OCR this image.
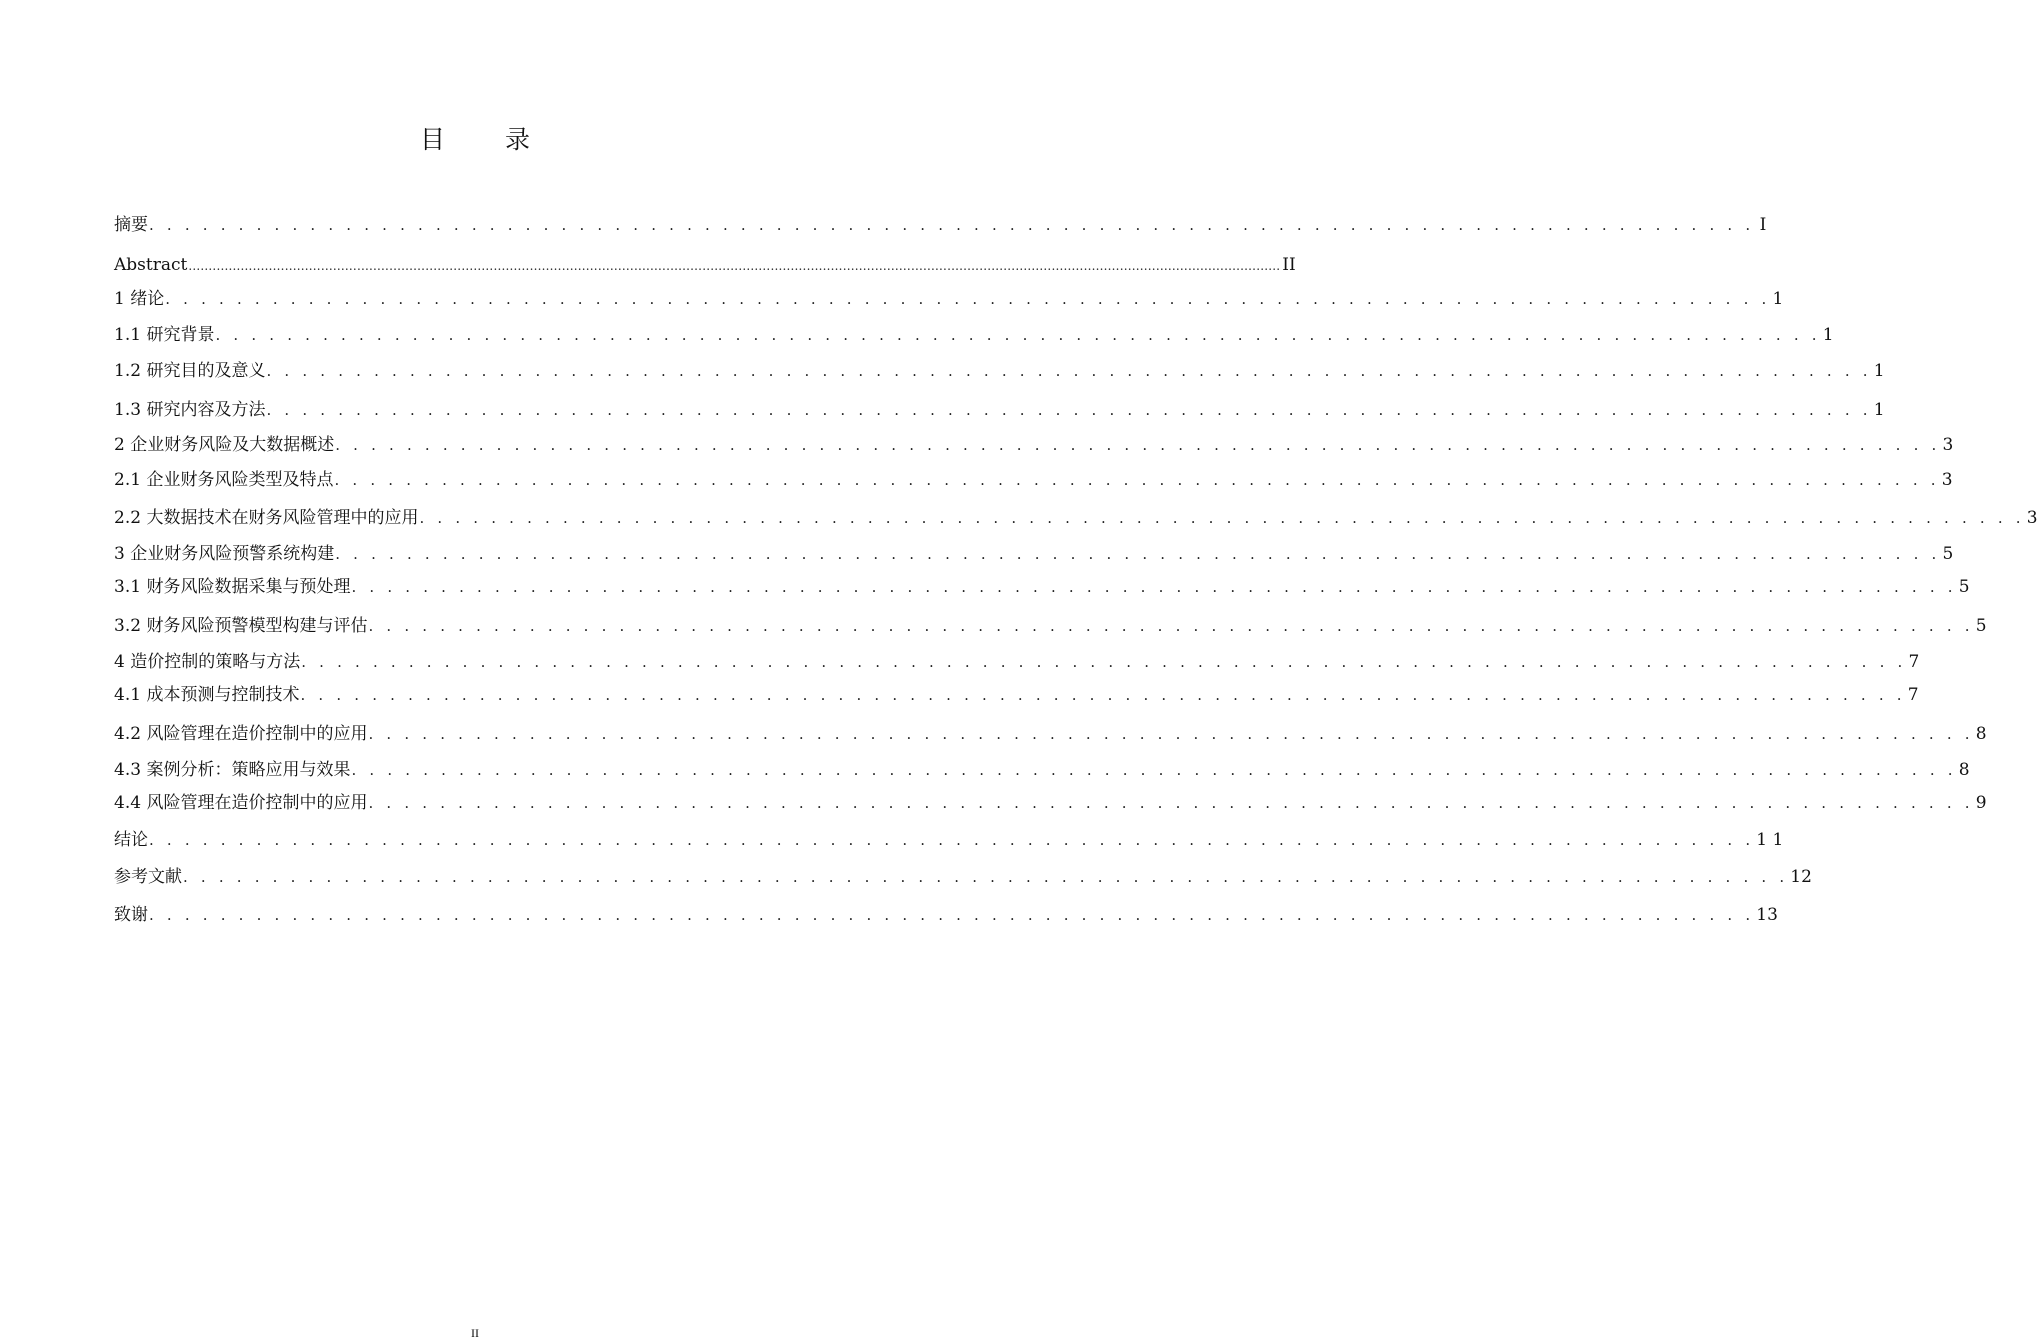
目 录
摘要 . . . . . . . . . . . . . . . . . . . . . . . . . . . . . . . . . . . . . . . . . . . . . . . . . . . . . . . . . . . . . . . . . . . . . . . . . . . . . . . . . . . . . . . . . . I
Abstract ................................................................................................................................................................................................................................................................................ II
1 绪论 . . . . . . . . . . . . . . . . . . . . . . . . . . . . . . . . . . . . . . . . . . . . . . . . . . . . . . . . . . . . . . . . . . . . . . . . . . . . . . . . . . . . . . . . . . 1
1.1 研究背景 . . . . . . . . . . . . . . . . . . . . . . . . . . . . . . . . . . . . . . . . . . . . . . . . . . . . . . . . . . . . . . . . . . . . . . . . . . . . . . . . . . . . . . . . . . 1
1.2 研究目的及意义 . . . . . . . . . . . . . . . . . . . . . . . . . . . . . . . . . . . . . . . . . . . . . . . . . . . . . . . . . . . . . . . . . . . . . . . . . . . . . . . . . . . . . . . . . . 1
1.3 研究内容及方法 . . . . . . . . . . . . . . . . . . . . . . . . . . . . . . . . . . . . . . . . . . . . . . . . . . . . . . . . . . . . . . . . . . . . . . . . . . . . . . . . . . . . . . . . . . 1
2 企业财务风险及大数据概述 . . . . . . . . . . . . . . . . . . . . . . . . . . . . . . . . . . . . . . . . . . . . . . . . . . . . . . . . . . . . . . . . . . . . . . . . . . . . . . . . . . . . . . . . . . 3
2.1 企业财务风险类型及特点 . . . . . . . . . . . . . . . . . . . . . . . . . . . . . . . . . . . . . . . . . . . . . . . . . . . . . . . . . . . . . . . . . . . . . . . . . . . . . . . . . . . . . . . . . . 3
2.2 大数据技术在财务风险管理中的应用 . . . . . . . . . . . . . . . . . . . . . . . . . . . . . . . . . . . . . . . . . . . . . . . . . . . . . . . . . . . . . . . . . . . . . . . . . . . . . . . . . . . . . . . . . . 3
3 企业财务风险预警系统构建 . . . . . . . . . . . . . . . . . . . . . . . . . . . . . . . . . . . . . . . . . . . . . . . . . . . . . . . . . . . . . . . . . . . . . . . . . . . . . . . . . . . . . . . . . . 5
3.1 财务风险数据采集与预处理 . . . . . . . . . . . . . . . . . . . . . . . . . . . . . . . . . . . . . . . . . . . . . . . . . . . . . . . . . . . . . . . . . . . . . . . . . . . . . . . . . . . . . . . . . . 5
3.2 财务风险预警模型构建与评估 . . . . . . . . . . . . . . . . . . . . . . . . . . . . . . . . . . . . . . . . . . . . . . . . . . . . . . . . . . . . . . . . . . . . . . . . . . . . . . . . . . . . . . . . . . 5
4 造价控制的策略与方法 . . . . . . . . . . . . . . . . . . . . . . . . . . . . . . . . . . . . . . . . . . . . . . . . . . . . . . . . . . . . . . . . . . . . . . . . . . . . . . . . . . . . . . . . . . 7
4.1 成本预测与控制技术 . . . . . . . . . . . . . . . . . . . . . . . . . . . . . . . . . . . . . . . . . . . . . . . . . . . . . . . . . . . . . . . . . . . . . . . . . . . . . . . . . . . . . . . . . . 7
4.2 风险管理在造价控制中的应用 . . . . . . . . . . . . . . . . . . . . . . . . . . . . . . . . . . . . . . . . . . . . . . . . . . . . . . . . . . . . . . . . . . . . . . . . . . . . . . . . . . . . . . . . . . 8
4.3 案例分析：策略应用与效果 . . . . . . . . . . . . . . . . . . . . . . . . . . . . . . . . . . . . . . . . . . . . . . . . . . . . . . . . . . . . . . . . . . . . . . . . . . . . . . . . . . . . . . . . . . 8
4.4 风险管理在造价控制中的应用 . . . . . . . . . . . . . . . . . . . . . . . . . . . . . . . . . . . . . . . . . . . . . . . . . . . . . . . . . . . . . . . . . . . . . . . . . . . . . . . . . . . . . . . . . . 9
结论 . . . . . . . . . . . . . . . . . . . . . . . . . . . . . . . . . . . . . . . . . . . . . . . . . . . . . . . . . . . . . . . . . . . . . . . . . . . . . . . . . . . . . . . . . . 1 1
参考文献 . . . . . . . . . . . . . . . . . . . . . . . . . . . . . . . . . . . . . . . . . . . . . . . . . . . . . . . . . . . . . . . . . . . . . . . . . . . . . . . . . . . . . . . . . . 12
致谢 . . . . . . . . . . . . . . . . . . . . . . . . . . . . . . . . . . . . . . . . . . . . . . . . . . . . . . . . . . . . . . . . . . . . . . . . . . . . . . . . . . . . . . . . . . 13
II
